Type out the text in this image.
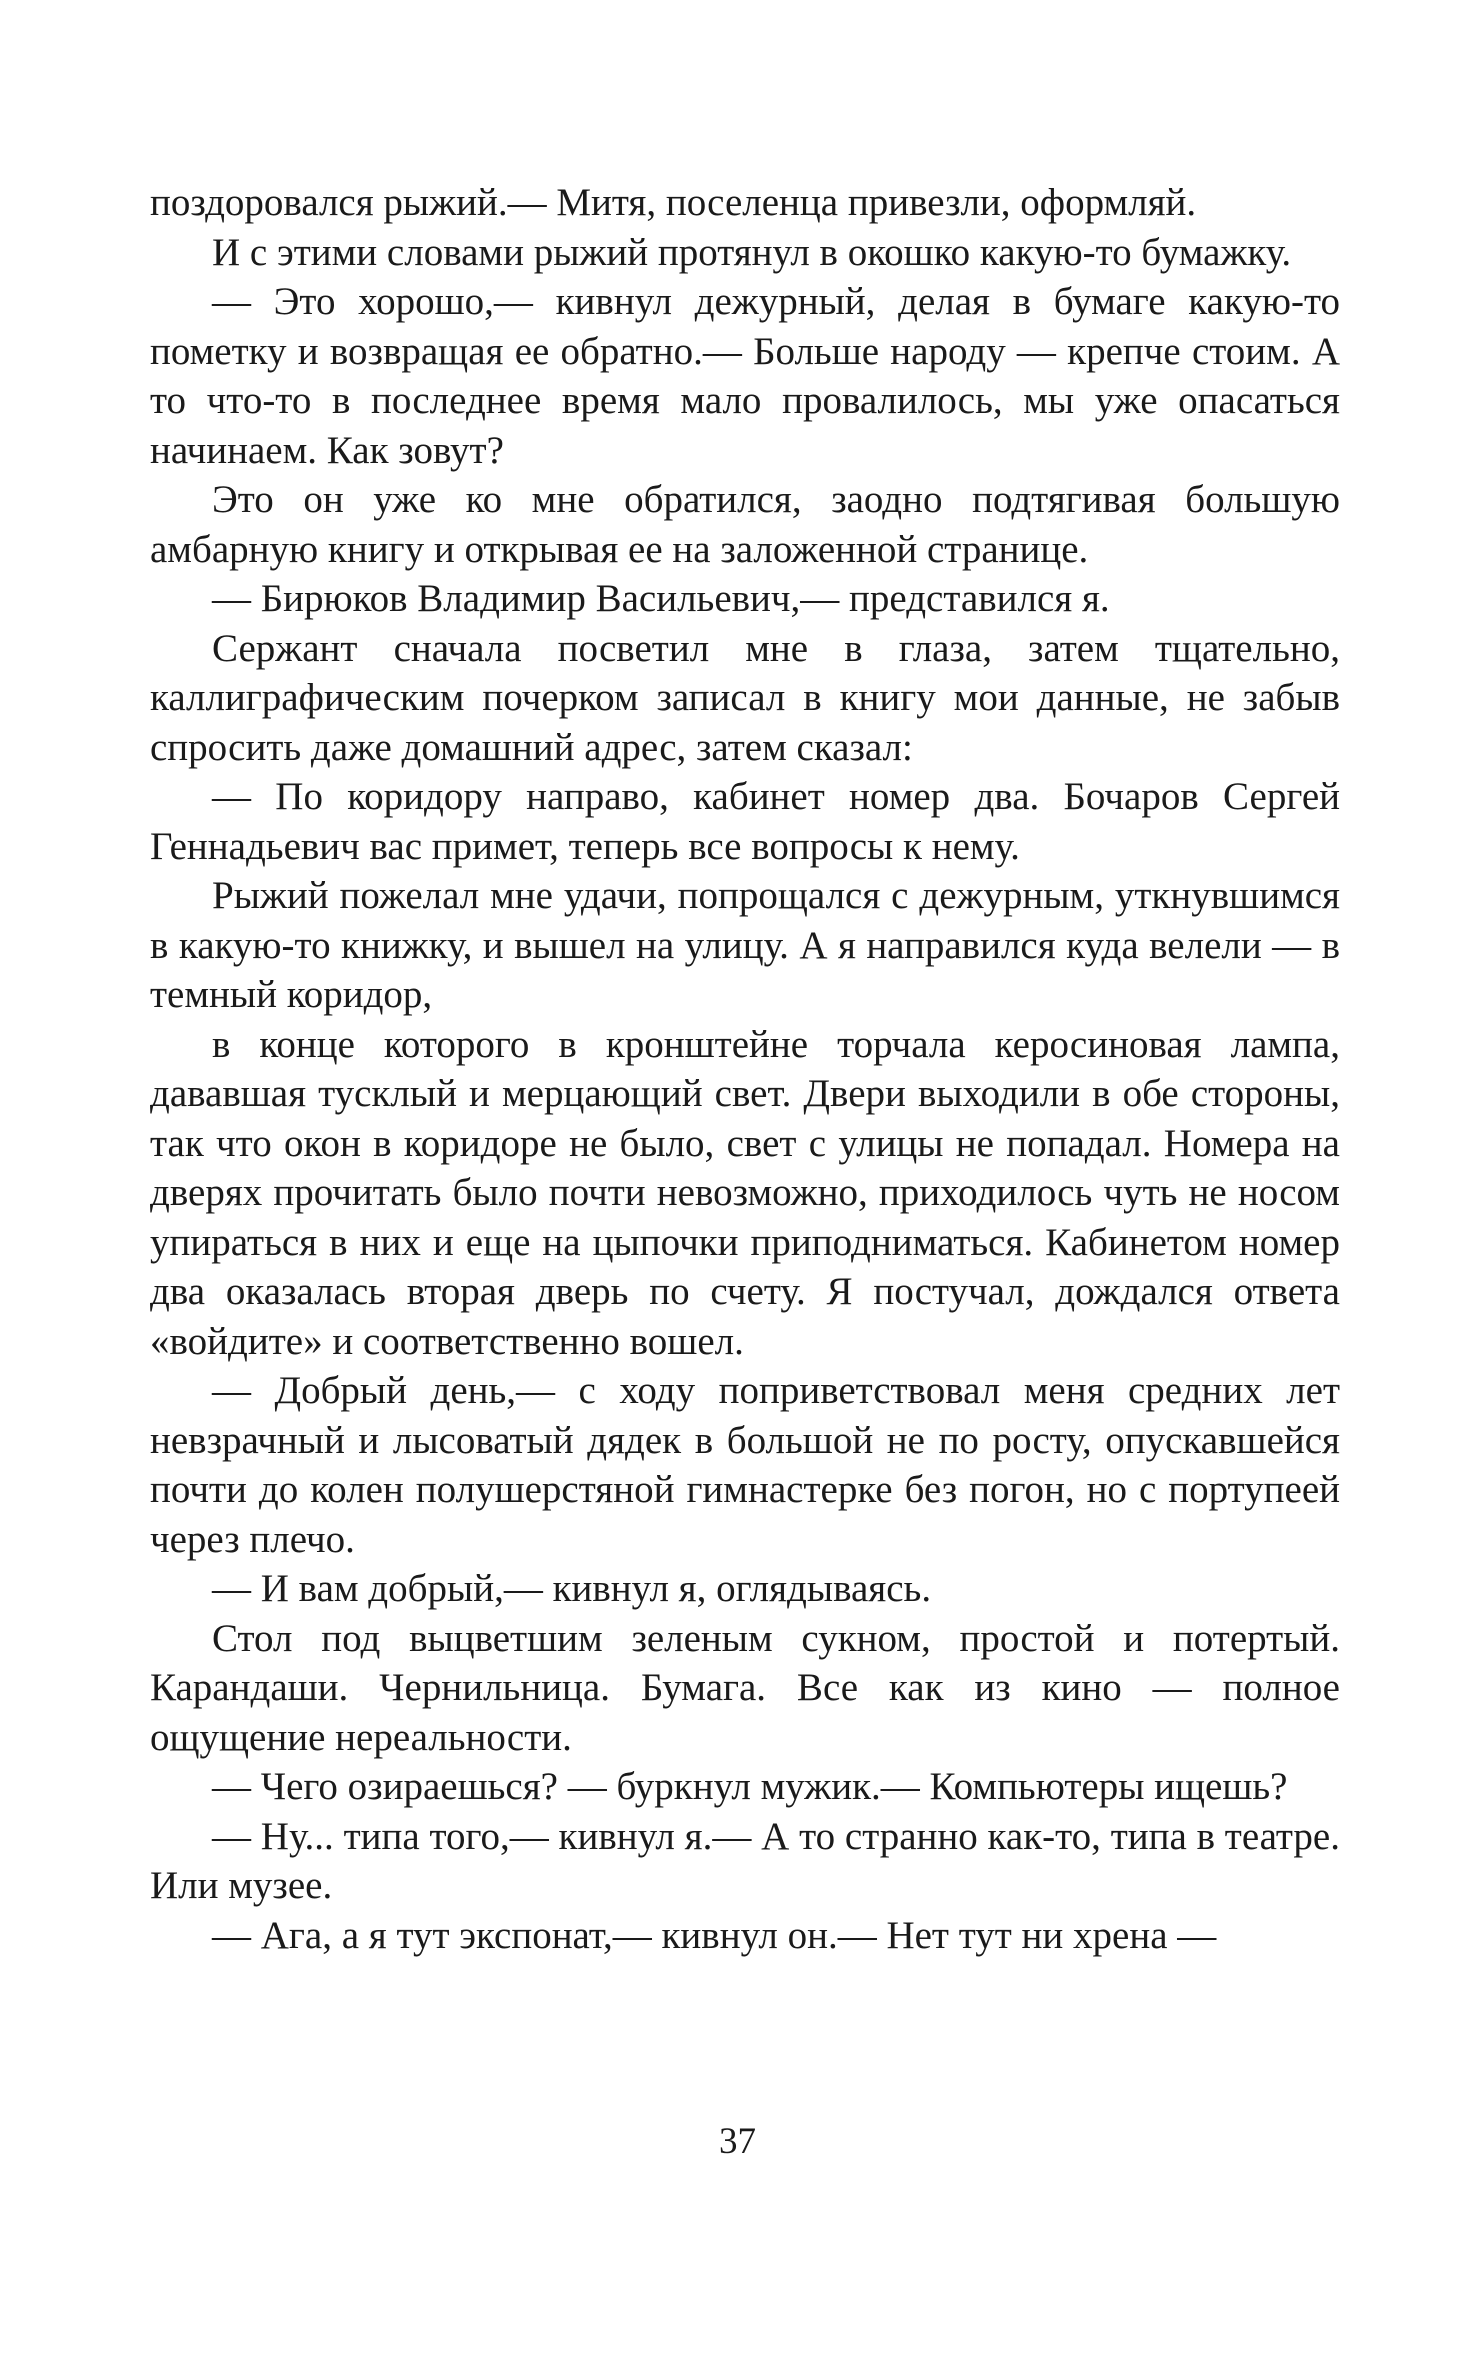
поздоровался рыжий.— Митя, поселенца привезли, оформляй.

И с этими словами рыжий протянул в окошко какую-то бумажку.

— Это хорошо,— кивнул дежурный, делая в бумаге какую-то пометку и возвращая ее обратно.— Больше народу — крепче стоим. А то что-то в последнее время мало провалилось, мы уже опасаться начинаем. Как зовут?

Это он уже ко мне обратился, заодно подтягивая большую амбарную книгу и открывая ее на заложенной странице.

— Бирюков Владимир Васильевич,— представился я.

Сержант сначала посветил мне в глаза, затем тщательно, каллиграфическим почерком записал в книгу мои данные, не забыв спросить даже домашний адрес, затем сказал:

— По коридору направо, кабинет номер два. Бочаров Сергей Геннадьевич вас примет, теперь все вопросы к нему.

Рыжий пожелал мне удачи, попрощался с дежурным, уткнувшимся в какую-то книжку, и вышел на улицу. А я направился куда велели — в темный коридор,

в конце которого в кронштейне торчала керосиновая лампа, дававшая тусклый и мерцающий свет. Двери выходили в обе стороны, так что окон в коридоре не было, свет с улицы не попадал. Номера на дверях прочитать было почти невозможно, приходилось чуть не носом упираться в них и еще на цыпочки приподниматься. Кабинетом номер два оказалась вторая дверь по счету. Я постучал, дождался ответа «войдите» и соответственно вошел.

— Добрый день,— с ходу поприветствовал меня средних лет невзрачный и лысоватый дядек в большой не по росту, опускавшейся почти до колен полушерстяной гимнастерке без погон, но с портупеей через плечо.

— И вам добрый,— кивнул я, оглядываясь.

Стол под выцветшим зеленым сукном, простой и потертый. Карандаши. Чернильница. Бумага. Все как из кино — полное ощущение нереальности.

— Чего озираешься? — буркнул мужик.— Компьютеры ищешь?

— Ну... типа того,— кивнул я.— А то странно как-то, типа в театре. Или музее.

— Ага, а я тут экспонат,— кивнул он.— Нет тут ни хрена —

37
